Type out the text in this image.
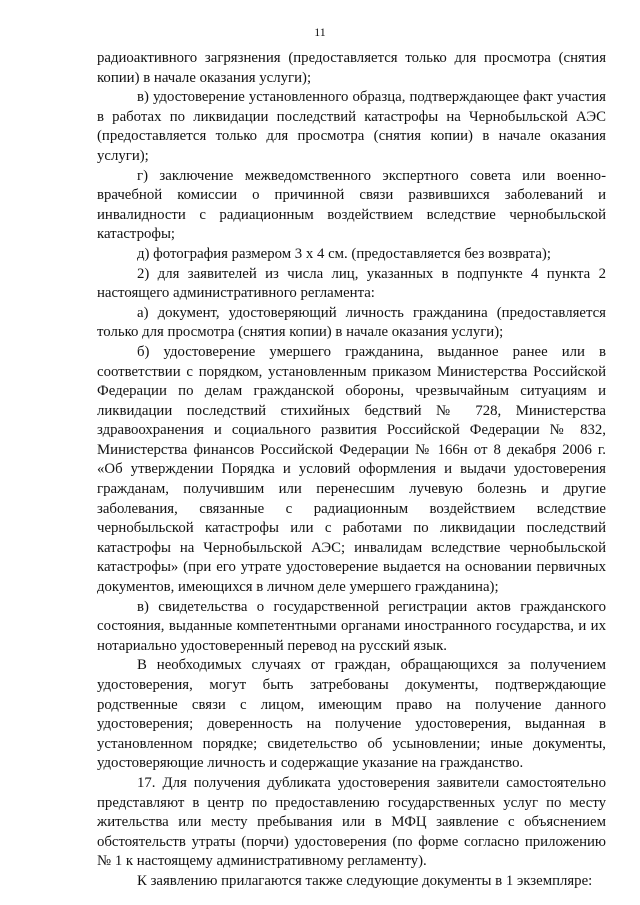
11

радиоактивного загрязнения (предоставляется только для просмотра (снятия копии) в начале оказания услуги);

в) удостоверение установленного образца, подтверждающее факт участия в работах по ликвидации последствий катастрофы на Чернобыльской АЭС (предоставляется только для просмотра (снятия копии) в начале оказания услуги);

г) заключение межведомственного экспертного совета или военно-врачебной комиссии о причинной связи развившихся заболеваний и инвалидности с радиационным воздействием вследствие чернобыльской катастрофы;

д) фотография размером 3 х 4 см. (предоставляется без возврата);

2) для заявителей из числа лиц, указанных в подпункте 4 пункта 2 настоящего административного регламента:

а) документ, удостоверяющий личность гражданина (предоставляется только для просмотра (снятия копии) в начале оказания услуги);

б) удостоверение умершего гражданина, выданное ранее или в соответствии с порядком, установленным приказом Министерства Российской Федерации по делам гражданской обороны, чрезвычайным ситуациям и ликвидации последствий стихийных бедствий № 728, Министерства здравоохранения и социального развития Российской Федерации № 832, Министерства финансов Российской Федерации № 166н от 8 декабря 2006 г. «Об утверждении Порядка и условий оформления и выдачи удостоверения гражданам, получившим или перенесшим лучевую болезнь и другие заболевания, связанные с радиационным воздействием вследствие чернобыльской катастрофы или с работами по ликвидации последствий катастрофы на Чернобыльской АЭС; инвалидам вследствие чернобыльской катастрофы» (при его утрате удостоверение выдается на основании первичных документов, имеющихся в личном деле умершего гражданина);

в) свидетельства о государственной регистрации актов гражданского состояния, выданные компетентными органами иностранного государства, и их нотариально удостоверенный перевод на русский язык.

В необходимых случаях от граждан, обращающихся за получением удостоверения, могут быть затребованы документы, подтверждающие родственные связи с лицом, имеющим право на получение данного удостоверения; доверенность на получение удостоверения, выданная в установленном порядке; свидетельство об усыновлении; иные документы, удостоверяющие личность и содержащие указание на гражданство.

17. Для получения дубликата удостоверения заявители самостоятельно представляют в центр по предоставлению государственных услуг по месту жительства или месту пребывания или в МФЦ заявление с объяснением обстоятельств утраты (порчи) удостоверения (по форме согласно приложению № 1 к настоящему административному регламенту).

К заявлению прилагаются также следующие документы в 1 экземпляре:
